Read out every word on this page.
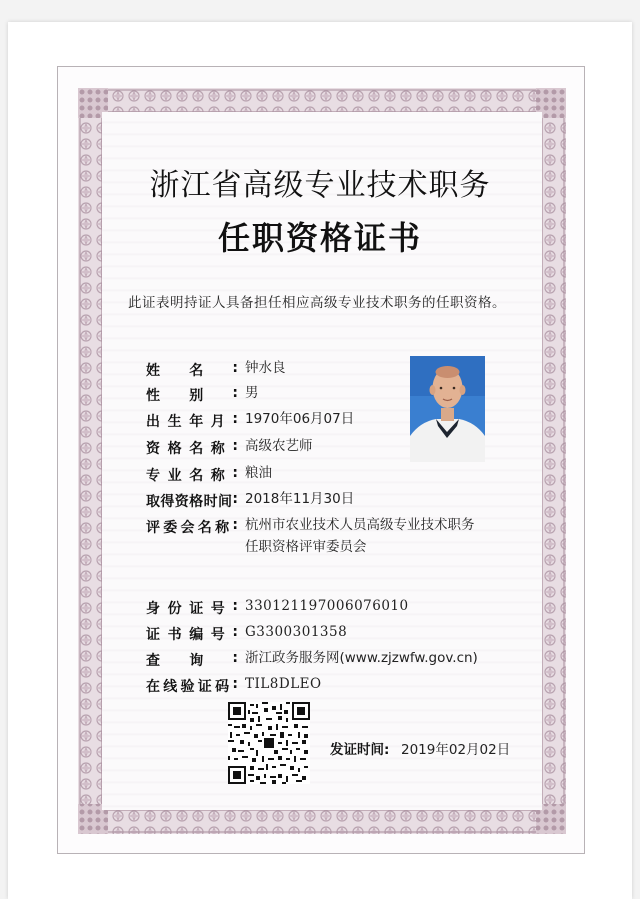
浙江省高级专业技术职务
任职资格证书
此证表明持证人具备担任相应高级专业技术职务的任职资格。
姓 名 : 钟水良
性 别 : 男
出 生 年 月 : 1970年06月07日
资 格 名 称 : 高级农艺师
专 业 名 称 : 粮油
取 得 资 格 时 间 : 2018年11月30日
评 委 会 名 称 : 杭州市农业技术人员高级专业技术职务
任职资格评审委员会
身 份 证 号 : 330121197006076010
证 书 编 号 : G3300301358
查 询 : 浙江政务服务网(www.zjzwfw.gov.cn)
在 线 验 证 码 : TIL8DLEO
发证时间: 2019年02月02日
